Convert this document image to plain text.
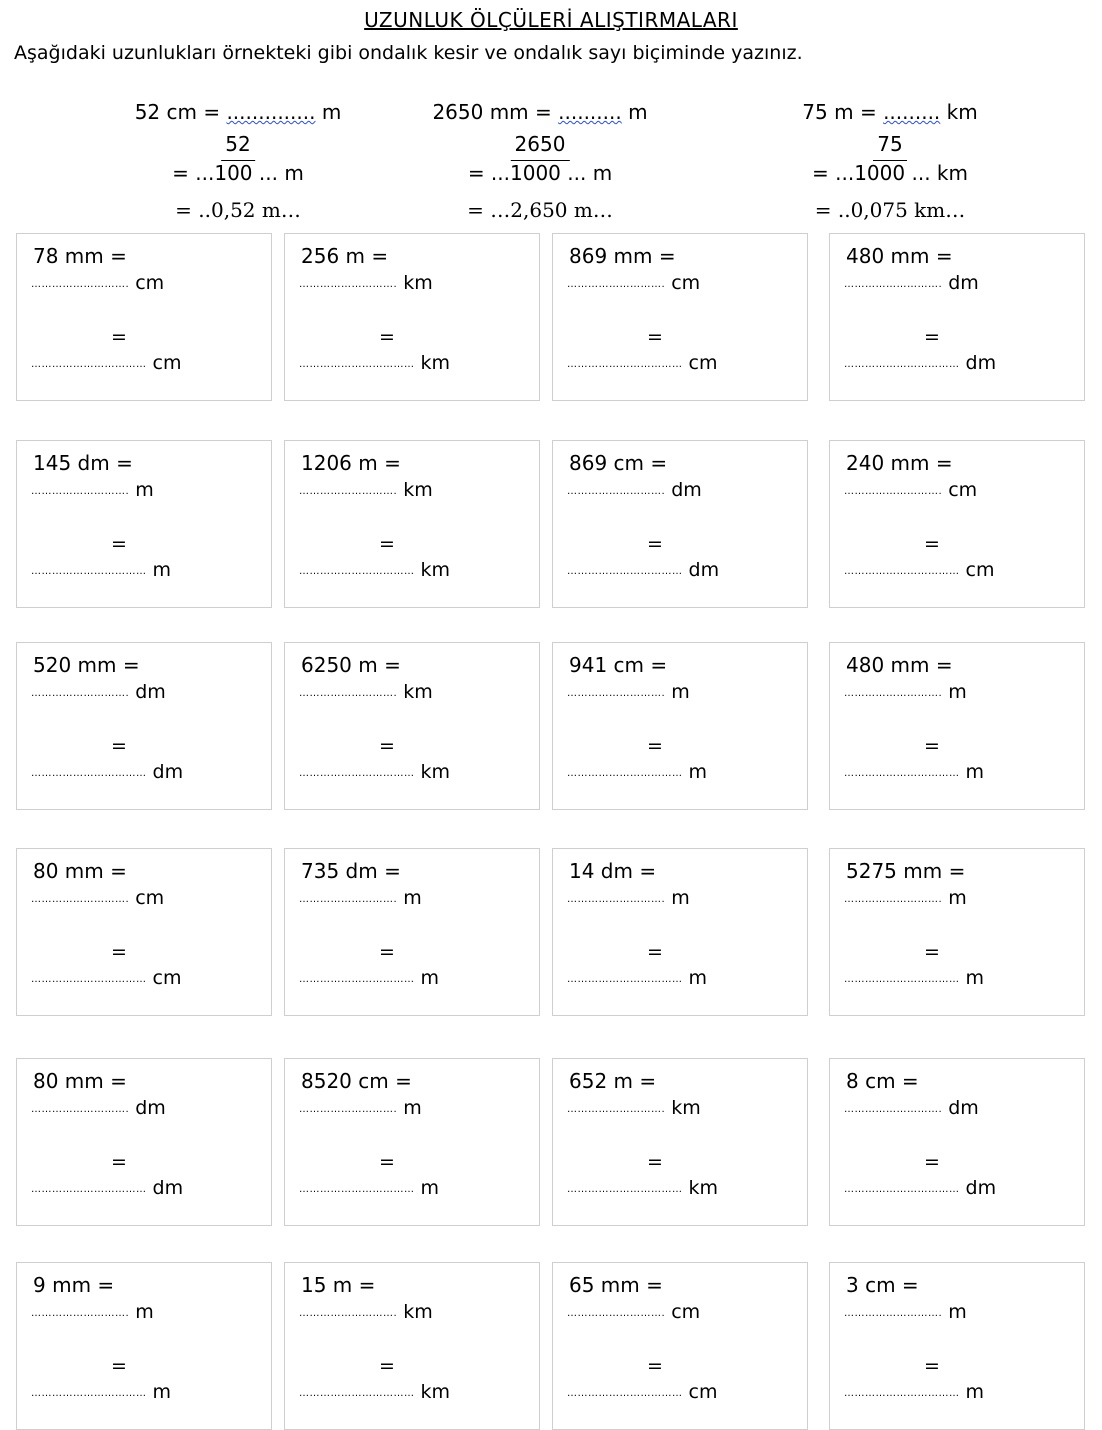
UZUNLUK ÖLÇÜLERİ ALIŞTIRMALARI
Aşağıdaki uzunlukları örnekteki gibi ondalık kesir ve ondalık sayı biçiminde yazınız.
52 cm = .............. m
$\frac{52}{= ...100 ... m}$
= ..0,52 m…
2650 mm = .......... m
$\frac{2650}{= ...1000 ... m}$
= …2,650 m…
75 m = ......... km
$\frac{75}{= ...1000 ... km}$
= ..0,075 km…
78 mm =
………………………. cm
=
…………………………… cm
256 m =
………………………. km
=
…………………………… km
869 mm =
………………………. cm
=
…………………………… cm
480 mm =
………………………. dm
=
…………………………… dm
145 dm =
………………………. m
=
…………………………… m
1206 m =
………………………. km
=
…………………………… km
869 cm =
………………………. dm
=
…………………………… dm
240 mm =
………………………. cm
=
…………………………… cm
520 mm =
………………………. dm
=
…………………………… dm
6250 m =
………………………. km
=
…………………………… km
941 cm =
………………………. m
=
…………………………… m
480 mm =
………………………. m
=
…………………………… m
80 mm =
………………………. cm
=
…………………………… cm
735 dm =
………………………. m
=
…………………………… m
14 dm =
………………………. m
=
…………………………… m
5275 mm =
………………………. m
=
…………………………… m
80 mm =
………………………. dm
=
…………………………… dm
8520 cm =
………………………. m
=
…………………………… m
652 m =
………………………. km
=
…………………………… km
8 cm =
………………………. dm
=
…………………………… dm
9 mm =
………………………. m
=
…………………………… m
15 m =
………………………. km
=
…………………………… km
65 mm =
………………………. cm
=
…………………………… cm
3 cm =
………………………. m
=
…………………………… m
